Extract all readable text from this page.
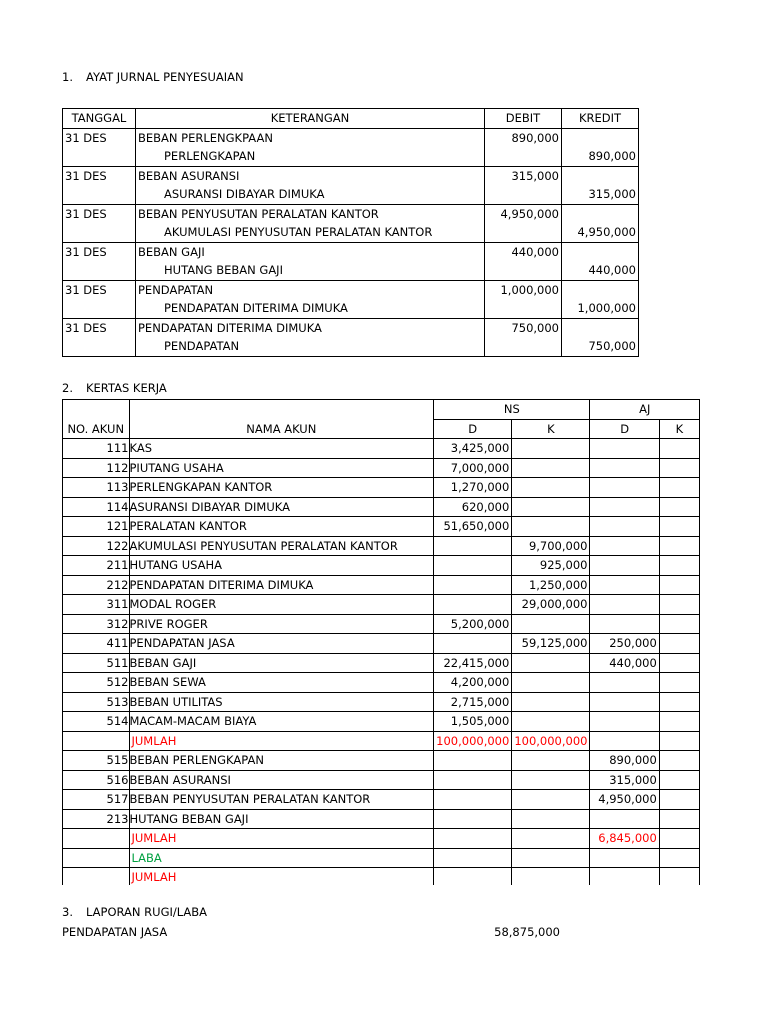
1. AYAT JURNAL PENYESUAIAN
TANGGAL	KETERANGAN	DEBIT	KREDIT
31 DES	BEBAN PERLENGKPAAN	890,000	
	PERLENGKAPAN		890,000
31 DES	BEBAN ASURANSI	315,000	
	ASURANSI DIBAYAR DIMUKA		315,000
31 DES	BEBAN PENYUSUTAN PERALATAN KANTOR	4,950,000	
	AKUMULASI PENYUSUTAN PERALATAN KANTOR		4,950,000
31 DES	BEBAN GAJI	440,000	
	HUTANG BEBAN GAJI		440,000
31 DES	PENDAPATAN	1,000,000	
	PENDAPATAN DITERIMA DIMUKA		1,000,000
31 DES	PENDAPATAN DITERIMA DIMUKA	750,000	
	PENDAPATAN		750,000
2. KERTAS KERJA
		NS		AJ	
NO. AKUN	NAMA AKUN	D	K	D	K
111	KAS	3,425,000			
112	PIUTANG USAHA	7,000,000			
113	PERLENGKAPAN KANTOR	1,270,000			
114	ASURANSI DIBAYAR DIMUKA	620,000			
121	PERALATAN KANTOR	51,650,000			
122	AKUMULASI PENYUSUTAN PERALATAN KANTOR		9,700,000		
211	HUTANG USAHA		925,000		
212	PENDAPATAN DITERIMA DIMUKA		1,250,000		
311	MODAL ROGER		29,000,000		
312	PRIVE ROGER	5,200,000			
411	PENDAPATAN JASA		59,125,000	250,000	
511	BEBAN GAJI	22,415,000		440,000	
512	BEBAN SEWA	4,200,000			
513	BEBAN UTILITAS	2,715,000			
514	MACAM-MACAM BIAYA	1,505,000			
	JUMLAH	100,000,000	100,000,000		
515	BEBAN PERLENGKAPAN			890,000	
516	BEBAN ASURANSI			315,000	
517	BEBAN PENYUSUTAN PERALATAN KANTOR			4,950,000	
213	HUTANG BEBAN GAJI				
	JUMLAH			6,845,000	
	LABA				
	JUMLAH				
3. LAPORAN RUGI/LABA
PENDAPATAN JASA	58,875,000
